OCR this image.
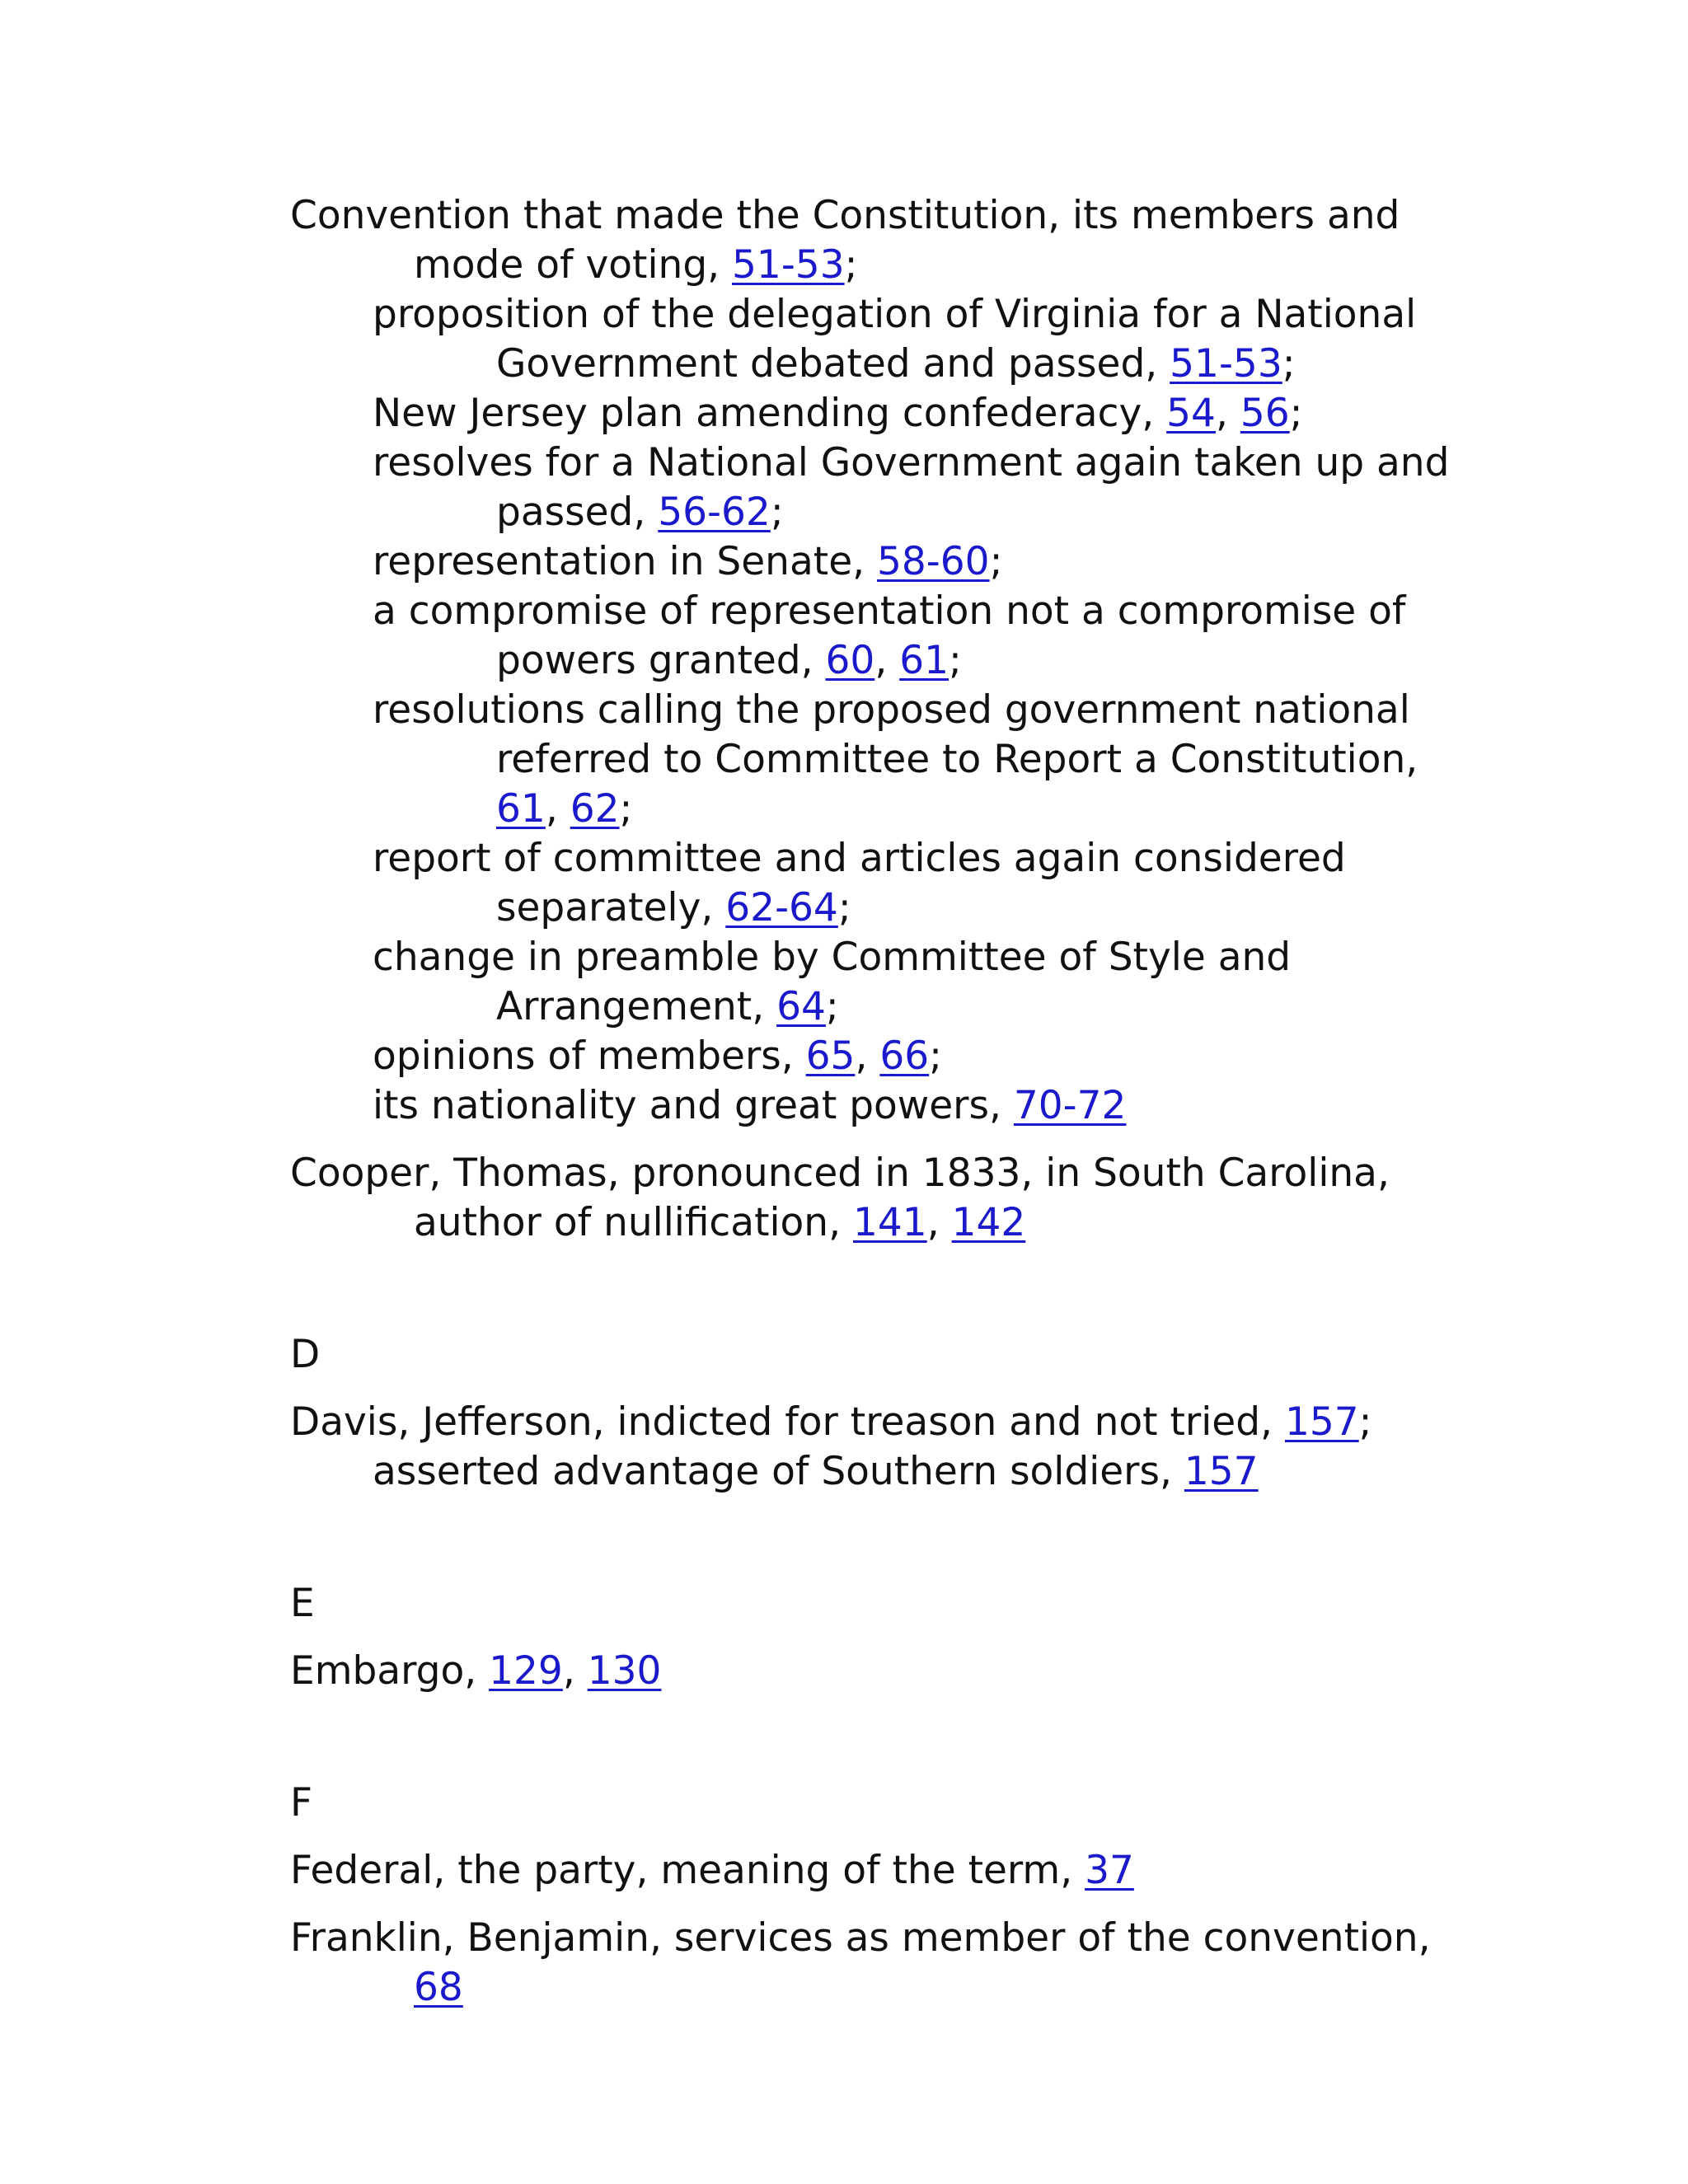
Convention that made the Constitution, its members and mode of voting, 51-53;

proposition of the delegation of Virginia for a National Government debated and passed, 51-53;

New Jersey plan amending confederacy, 54, 56;

resolves for a National Government again taken up and passed, 56-62;

representation in Senate, 58-60;

a compromise of representation not a compromise of powers granted, 60, 61;

resolutions calling the proposed government national referred to Committee to Report a Constitution, 61, 62;

report of committee and articles again considered separately, 62-64;

change in preamble by Committee of Style and Arrangement, 64;

opinions of members, 65, 66;

its nationality and great powers, 70-72

Cooper, Thomas, pronounced in 1833, in South Carolina, author of nullification, 141, 142

D

Davis, Jefferson, indicted for treason and not tried, 157;

asserted advantage of Southern soldiers, 157

E

Embargo, 129, 130

F

Federal, the party, meaning of the term, 37

Franklin, Benjamin, services as member of the convention, 68
